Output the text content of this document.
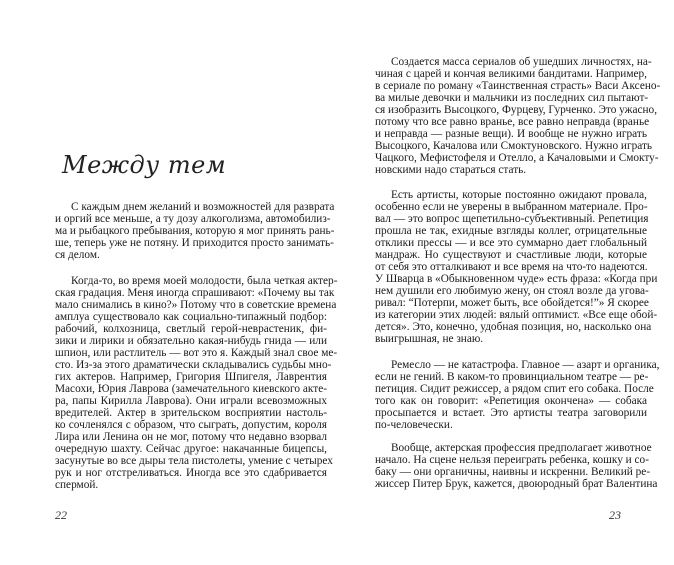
Между тем
С каждым днем желаний и возможностей для разврата
и оргий все меньше, а ту дозу алкоголизма, автомобилиз-
ма и рыбацкого пребывания, которую я мог принять рань-
ше, теперь уже не потяну. И приходится просто занимать-
ся делом.
Когда-то, во время моей молодости, была четкая актер-
ская градация. Меня иногда спрашивают: «Почему вы так
мало снимались в кино?» Потому что в советские времена
амплуа существовало как социально-типажный подбор:
рабочий, колхозница, светлый герой-неврастеник, фи-
зики и лирики и обязательно какая-нибудь гнида — или
шпион, или растлитель — вот это я. Каждый знал свое ме-
сто. Из-за этого драматически складывались судьбы мно-
гих актеров. Например, Григория Шпигеля, Лаврентия
Масохи, Юрия Лаврова (замечательного киевского акте-
ра, папы Кирилла Лаврова). Они играли всевозможных
вредителей. Актер в зрительском восприятии настоль-
ко сочленялся с образом, что сыграть, допустим, короля
Лира или Ленина он не мог, потому что недавно взорвал
очередную шахту. Сейчас другое: накачанные бицепсы,
засунутые во все дыры тела пистолеты, умение с четырех
рук и ног отстреливаться. Иногда все это сдабривается
спермой.
22
Создается масса сериалов об ушедших личностях, на-
чиная с царей и кончая великими бандитами. Например,
в сериале по роману «Таинственная страсть» Васи Аксено-
ва милые девочки и мальчики из последних сил пытают-
ся изобразить Высоцкого, Фурцеву, Гурченко. Это ужасно,
потому что все равно вранье, все равно неправда (вранье
и неправда — разные вещи). И вообще не нужно играть
Высоцкого, Качалова или Смоктуновского. Нужно играть
Чацкого, Мефистофеля и Отелло, а Качаловыми и Смокту-
новскими надо стараться стать.
Есть артисты, которые постоянно ожидают провала,
особенно если не уверены в выбранном материале. Про-
вал — это вопрос щепетильно-субъективный. Репетиция
прошла не так, ехидные взгляды коллег, отрицательные
отклики прессы — и все это суммарно дает глобальный
мандраж. Но существуют и счастливые люди, которые
от себя это отталкивают и все время на что-то надеются.
У Шварца в «Обыкновенном чуде» есть фраза: «Когда при
нем душили его любимую жену, он стоял возле да угова-
ривал: “Потерпи, может быть, все обойдется!”» Я скорее
из категории этих людей: вялый оптимист. «Все еще обой-
дется». Это, конечно, удобная позиция, но, насколько она
выигрышная, не знаю.
Ремесло — не катастрофа. Главное — азарт и органика,
если не гений. В каком-то провинциальном театре — ре-
петиция. Сидит режиссер, а рядом спит его собака. После
того как он говорит: «Репетиция окончена» — собака
просыпается и встает. Это артисты театра заговорили
по-человечески.
Вообще, актерская профессия предполагает животное
начало. На сцене нельзя переиграть ребенка, кошку и со-
баку — они органичны, наивны и искренни. Великий ре-
жиссер Питер Брук, кажется, двоюродный брат Валентина
23
